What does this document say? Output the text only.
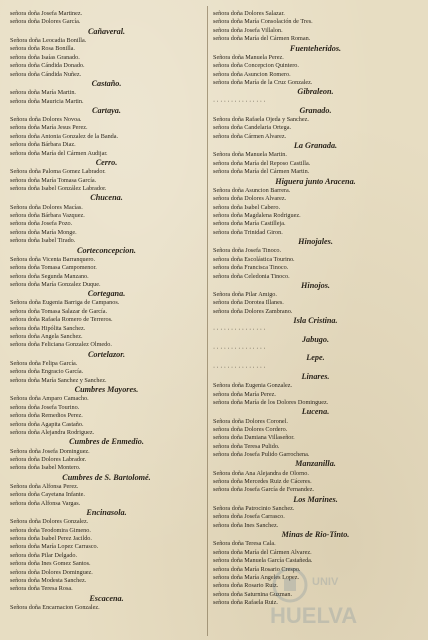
señora doña Josefa Martinez.
señora doña Dolores García.
Cañaveral.
Señora doña Leocadia Bonilla.
señora doña Rosa Bonilla.
señora doña Isaías Granado.
señora doña Cándida Donado.
señora doña Cándida Nuñez.
Castaño.
señora doña María Martin.
señora doña Mauricia Martin.
Cartaya.
Señora doña Dolores Novoa.
señora doña María Jesus Perez.
señora doña Antonia Gonzalez de la Banda.
señora doña Bárbara Diaz.
señora doña María del Cármen Audijar.
Cerro.
Señora doña Paloma Gomez Labrador.
señora doña María Tomasa García.
señora doña Isabel González Labrador.
Chucena.
Señora doña Dolores Macías.
señora doña Bárbara Vazquez.
señora doña Josefa Pozo.
señora doña María Monge.
señora doña Isabel Tirado.
Corteconcepcion.
Señora doña Vicenta Barranquero.
señora doña Tomasa Campomenor.
señora doña Segunda Manzano.
señora doña María Gonzalez Duque.
Cortegana.
Señora doña Eugenia Barriga de Campanos.
señora doña Tomasa Salazar de García.
señora doña Rafaela Romero de Terreros.
señora doña Hipólita Sanchez.
señora doña Angela Sanchez.
señora doña Feliciana Gonzalez Olmedo.
Cortelazor.
Señora doña Felipa García.
señora doña Engracio García.
señora doña María Sanchez y Sanchez.
Cumbres Mayores.
Señora doña Amparo Camacho.
señora doña Josefa Tourino.
señora doña Remedios Perez.
señora doña Agapita Castaño.
señora doña Alejandra Rodriguez.
Cumbres de Enmedio.
Señora doña Josefa Dominguez.
señora doña Dolores Labrador.
señora doña Isabel Montero.
Cumbres de S. Bartolomé.
Señora doña Alfonsa Perez.
señora doña Cayetana Infante.
señora doña Alfonsa Vargas.
Encinasola.
Señora doña Dolores Gonzalez.
señora doña Teodomira Gimeno.
señora doña Isabel Perez Jacildo.
señora doña María Lopez Carrasco.
señora doña Pilar Delgado.
señora doña Ines Gomez Santos.
señora doña Dolores Dominguez.
señora doña Modesta Sanchez.
señora doña Teresa Rosa.
Escacena.
Señora doña Encarnacion Gonzalez.
señora doña Dolores Salazar.
señora doña María Consolación de Tres.
señora doña Josefa Villalon.
señora doña María del Cármen Roman.
Fuenteheridos.
Señora doña Manuela Perez.
señora doña Concepcion Quintero.
señora doña Asuncion Romero.
señora doña María de la Cruz Gonzalez.
Gibraleon.
· · · · · · · · · · · · · · ·
Granado.
Señora doña Rafaela Ojeda y Sanchez.
señora doña Candelaria Ortega.
señora doña Cármen Alvarez.
La Granada.
Señora doña Manuela Martin.
señora doña María del Reposo Castilla.
señora doña María del Cármen Martin.
Higuera junto Aracena.
Señora doña Asuncion Barrera.
señora doña Dolores Alvarez.
señora doña Isabel Cabero.
señora doña Magdalena Rodriguez.
señora doña María Castilleja.
señora doña Trinidad Giron.
Hinojales.
Señora doña Josefa Tinoco.
señora doña Escolástica Tourino.
señora doña Francisca Tinoco.
señora doña Celedonia Tinoco.
Hinojos.
Señora doña Pilar Amigo.
señora doña Dorotea Illanes.
señora doña Dolores Zambrano.
Isla Cristina.
· · · · · · · · · · · · · · ·
Jabugo.
· · · · · · · · · · · · · · ·
Lepe.
· · · · · · · · · · · · · · ·
Linares.
Señora doña Eugenia Gonzalez.
señora doña María Perez.
señora doña María de los Dolores Dominguez.
Lucena.
Señora doña Dolores Coronel.
señora doña Dolores Cordero.
señora doña Damiana Villaseñor.
señora doña Teresa Pulido.
señora doña Josefa Pulido Garrochena.
Manzanilla.
Señora doña Ana Alejandra de Olorno.
señora doña Mercedes Ruiz de Cáceres.
señora doña Josefa García de Fernandez.
Los Marines.
Señora doña Patrocinio Sanchez.
señora doña Josefa Carrasco.
señora doña Ines Sanchez.
Minas de Rio-Tinto.
Señora doña Teresa Cala.
señora doña María del Cármen Alvarez.
señora doña Manuela García Castañeda.
señora doña María Rosario Crespo.
señora doña María Angeles Lopez.
señora doña Rosario Ruiz.
señora doña Saturnina Guzman.
señora doña Rafaela Ruiz.
UNIV
HUELVA
